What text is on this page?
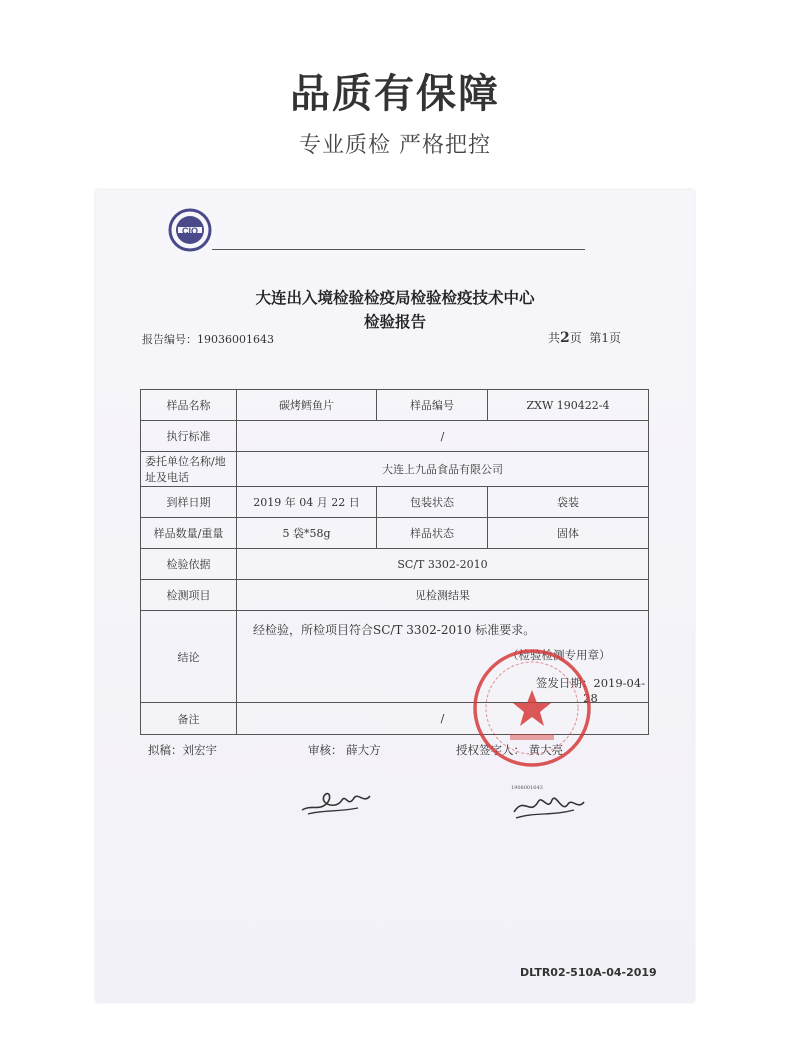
品质有保障
专业质检 严格把控
CIQ
大连出入境检验检疫局检验检疫技术中心
检验报告
报告编号：19036001643	共2页 第1页
样品名称	碳烤鳕鱼片	样品编号	ZXW 190422-4
执行标准	/		
委托单位名称/地址及电话	大连上九品食品有限公司		
到样日期	2019 年 04 月 22 日	包装状态	袋装
样品数量/重量	5 袋*58g	样品状态	固体
检验依据	SC/T 3302-2010		
检测项目	见检测结果		
结论	经检验，所检项目符合SC/T 3302-2010 标准要求。
（检验检测专用章）
签发日期：2019-04-28		

备注	/		
拟稿：刘宏宇	审核： 薛大方	授权签字人： 黄大亮
1908001643
DLTR02-510A-04-2019
